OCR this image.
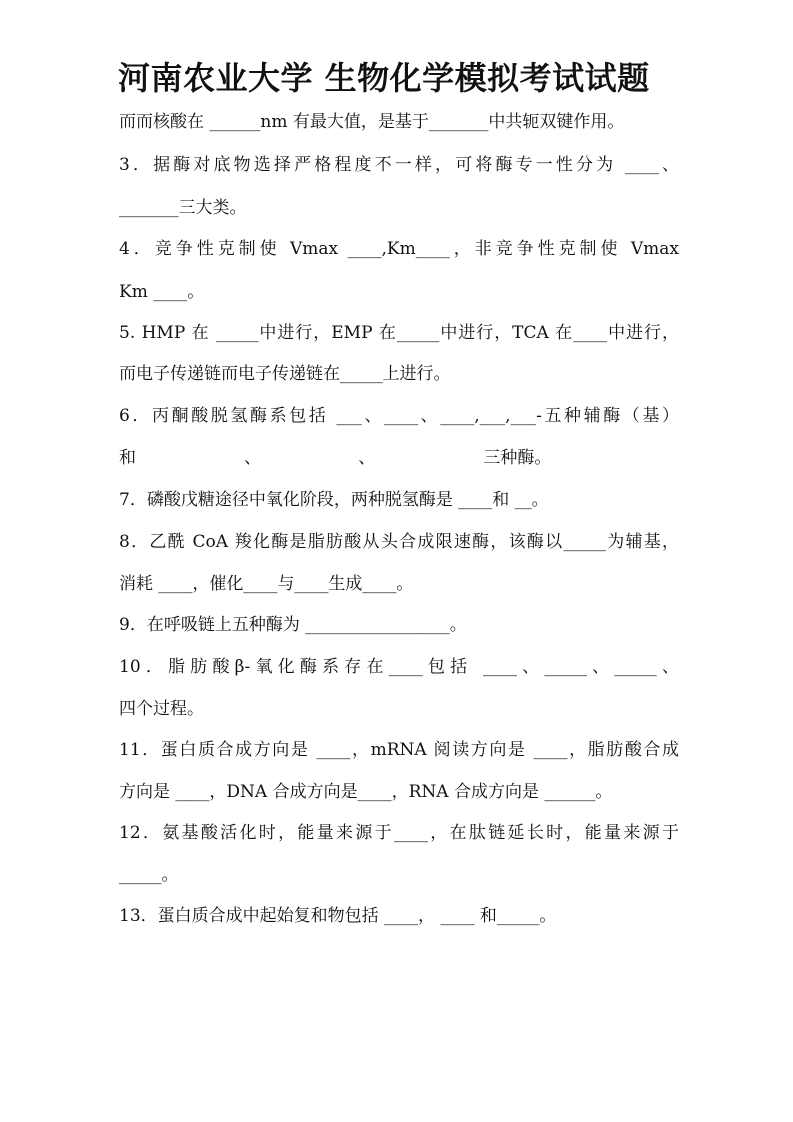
河南农业大学 生物化学模拟考试试题
而而核酸在 ______nm 有最大值，是基于_______中共轭双键作用。
3．据酶对底物选择严格程度不一样，可将酶专一性分为 ____、
_______三大类。
4．竞争性克制使 Vmax ____,Km____，非竞争性克制使 Vmax
Km ____。
5. HMP 在 _____中进行，EMP 在_____中进行，TCA 在____中进行，
而电子传递链而电子传递链在_____上进行。
6．丙酮酸脱氢酶系包括 ___、____、____,___,___-五种辅酶（基）
和                    、                  、                    三种酶。
7．磷酸戊糖途径中氧化阶段，两种脱氢酶是 ____和 __。
8．乙酰 CoA 羧化酶是脂肪酸从头合成限速酶，该酶以_____为辅基，
消耗 ____，催化____与____生成____。
9．在呼吸链上五种酶为 _________________。
10．脂肪酸β-氧化酶系存在____包括 ____、_____、_____、
四个过程。
11．蛋白质合成方向是 ____，mRNA 阅读方向是 ____，脂肪酸合成
方向是 ____，DNA 合成方向是____，RNA 合成方向是 ______。
12．氨基酸活化时，能量来源于____，在肽链延长时，能量来源于
_____。
13．蛋白质合成中起始复和物包括 ____， ____ 和_____。
